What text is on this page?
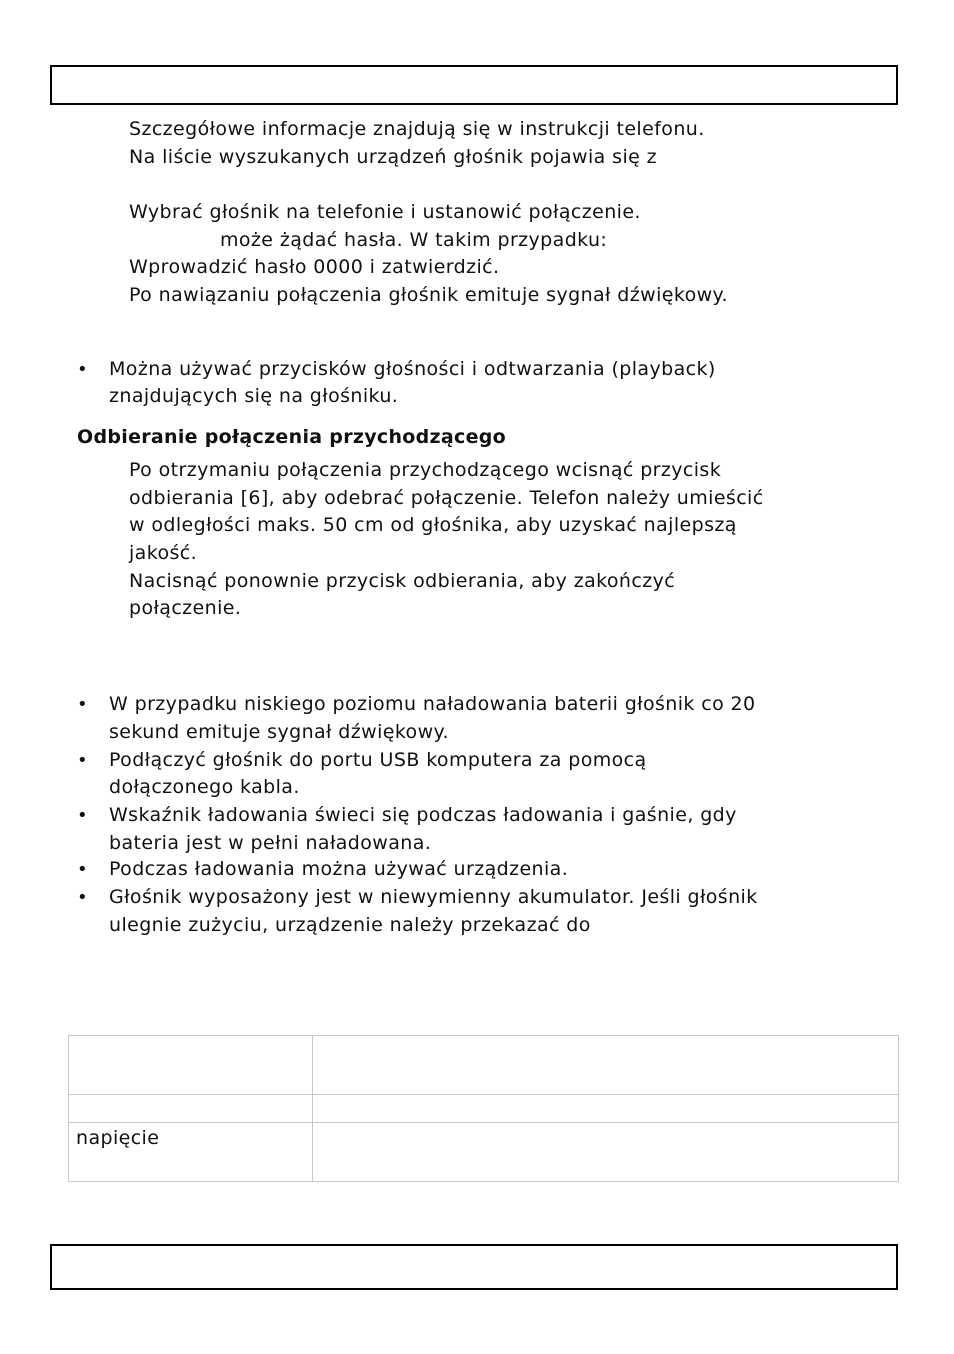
Szczegółowe informacje znajdują się w instrukcji telefonu.
Na liście wyszukanych urządzeń głośnik pojawia się z
Wybrać głośnik na telefonie i ustanowić połączenie.
może żądać hasła. W takim przypadku:
Wprowadzić hasło 0000 i zatwierdzić.
Po nawiązaniu połączenia głośnik emituje sygnał dźwiękowy.
• Można używać przycisków głośności i odtwarzania (playback)
znajdujących się na głośniku.
Odbieranie połączenia przychodzącego
Po otrzymaniu połączenia przychodzącego wcisnąć przycisk
odbierania [6], aby odebrać połączenie. Telefon należy umieścić
w odległości maks. 50 cm od głośnika, aby uzyskać najlepszą
jakość.
Nacisnąć ponownie przycisk odbierania, aby zakończyć
połączenie.
• W przypadku niskiego poziomu naładowania baterii głośnik co 20
sekund emituje sygnał dźwiękowy.
• Podłączyć głośnik do portu USB komputera za pomocą
dołączonego kabla.
• Wskaźnik ładowania świeci się podczas ładowania i gaśnie, gdy
bateria jest w pełni naładowana.
• Podczas ładowania można używać urządzenia.
• Głośnik wyposażony jest w niewymienny akumulator. Jeśli głośnik
ulegnie zużyciu, urządzenie należy przekazać do

napięcie	
